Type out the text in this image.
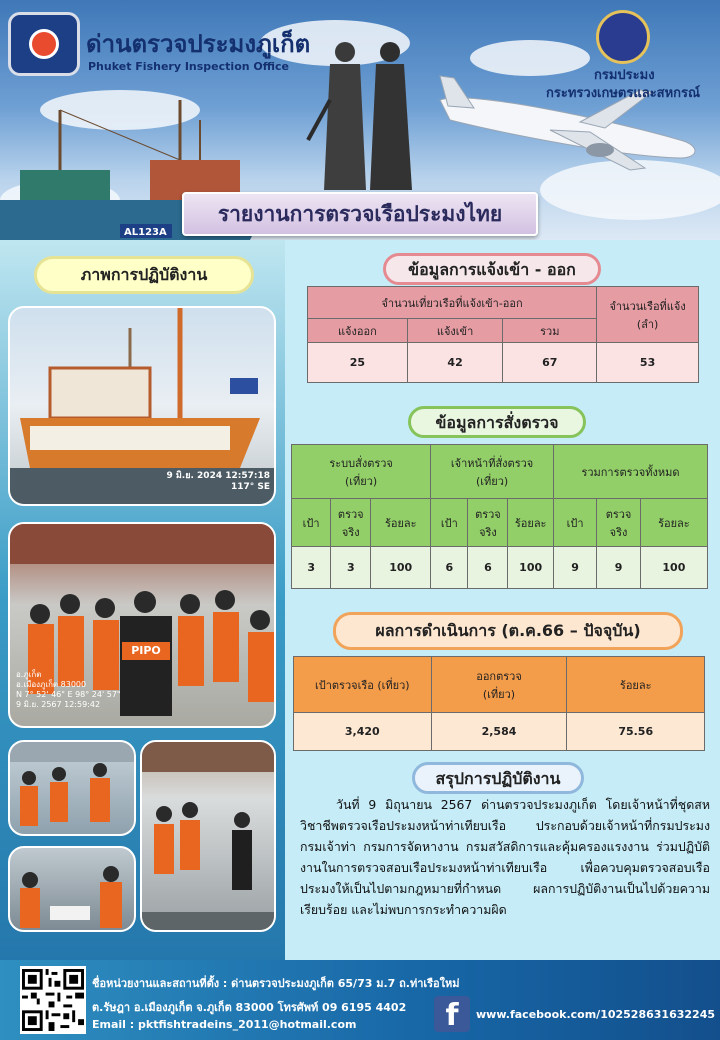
AL123A
ด่านตรวจประมงภูเก็ต
Phuket Fishery Inspection Office
กรมประมง
กระทรวงเกษตรและสหกรณ์
รายงานการตรวจเรือประมงไทย
ภาพการปฏิบัติงาน
9 มิ.ย. 2024 12:57:18
117° SE
PIPO
อ.ภูเก็ต
อ.เมืองภูเก็ต 83000
N 7° 52' 46" E 98° 24' 57"
9 มิ.ย. 2567 12:59:42
ข้อมูลการแจ้งเข้า - ออก
จำนวนเที่ยวเรือที่แจ้งเข้า-ออก			จำนวนเรือที่แจ้ง (ลำ)
แจ้งออก	แจ้งเข้า	รวม	
25	42	67	53
ข้อมูลการสั่งตรวจ
ระบบสั่งตรวจ (เที่ยว)			เจ้าหน้าที่สั่งตรวจ (เที่ยว)			รวมการตรวจทั้งหมด		
เป้า	ตรวจจริง	ร้อยละ	เป้า	ตรวจจริง	ร้อยละ	เป้า	ตรวจจริง	ร้อยละ
3	3	100	6	6	100	9	9	100
ผลการดำเนินการ (ต.ค.66 – ปัจจุบัน)
เป้าตรวจเรือ (เที่ยว)	ออกตรวจ (เที่ยว)	ร้อยละ
3,420	2,584	75.56
สรุปการปฏิบัติงาน
วันที่ 9 มิถุนายน 2567 ด่านตรวจประมงภูเก็ต โดยเจ้าหน้าที่ชุดสหวิชาชีพตรวจเรือประมงหน้าท่าเทียบเรือ ประกอบด้วยเจ้าหน้าที่กรมประมง กรมเจ้าท่า กรมการจัดหางาน กรมสวัสดิการและคุ้มครองแรงงาน ร่วมปฏิบัติงานในการตรวจสอบเรือประมงหน้าท่าเทียบเรือ เพื่อควบคุมตรวจสอบเรือประมงให้เป็นไปตามกฎหมายที่กำหนด ผลการปฏิบัติงานเป็นไปด้วยความเรียบร้อย และไม่พบการกระทำความผิด
ชื่อหน่วยงานและสถานที่ตั้ง : ด่านตรวจประมงภูเก็ต 65/73 ม.7 ถ.ท่าเรือใหม่
ต.รัษฎา อ.เมืองภูเก็ต จ.ภูเก็ต 83000 โทรศัพท์ 09 6195 4402
Email : pktfishtradeins_2011@hotmail.com	f	www.facebook.com/102528631632245
